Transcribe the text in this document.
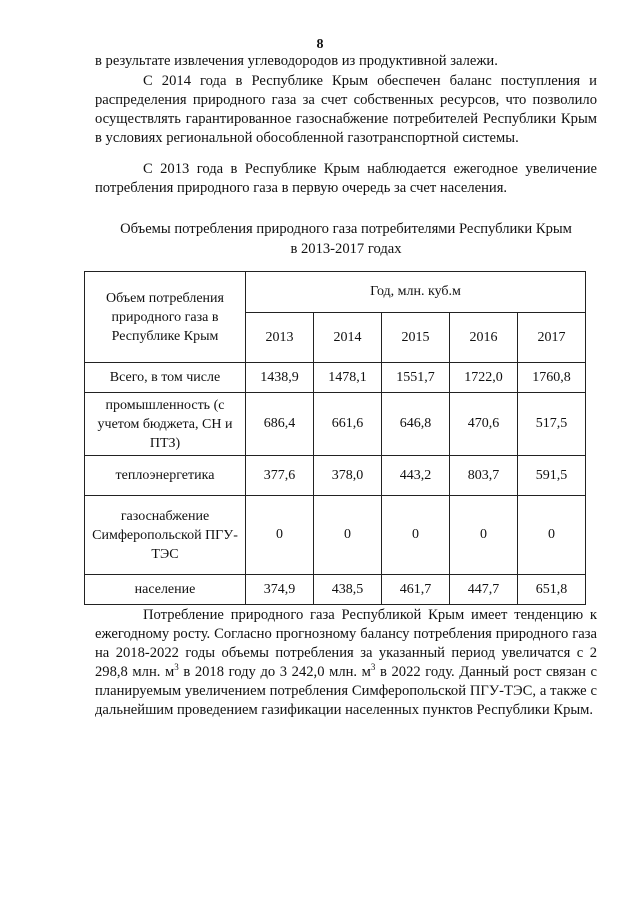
8

в результате извлечения углеводородов из продуктивной залежи.

С 2014 года в Республике Крым обеспечен баланс поступления и распределения природного газа за счет собственных ресурсов, что позволило осуществлять гарантированное газоснабжение потребителей Республики Крым в условиях региональной обособленной газотранспортной системы.

С 2013 года в Республике Крым наблюдается ежегодное увеличение потребления природного газа в первую очередь за счет населения.

Объемы потребления природного газа потребителями Республики Крым
в 2013-2017 годах
Объем потребления природного газа в Республике Крым	Год, млн. куб.м				
	2013	2014	2015	2016	2017
Всего, в том числе	1438,9	1478,1	1551,7	1722,0	1760,8
промышленность (с учетом бюджета, СН и ПТЗ)	686,4	661,6	646,8	470,6	517,5
теплоэнергетика	377,6	378,0	443,2	803,7	591,5
газоснабжение Симферопольской ПГУ-ТЭС	0	0	0	0	0
население	374,9	438,5	461,7	447,7	651,8

Потребление природного газа Республикой Крым имеет тенденцию к ежегодному росту. Согласно прогнозному балансу потребления природного газа на 2018-2022 годы объемы потребления за указанный период увеличатся с 2 298,8 млн. $м^3$ в 2018 году до 3 242,0 млн. $м^3$ в 2022 году. Данный рост связан с планируемым увеличением потребления Симферопольской ПГУ-ТЭС, а также с дальнейшим проведением газификации населенных пунктов Республики Крым.
